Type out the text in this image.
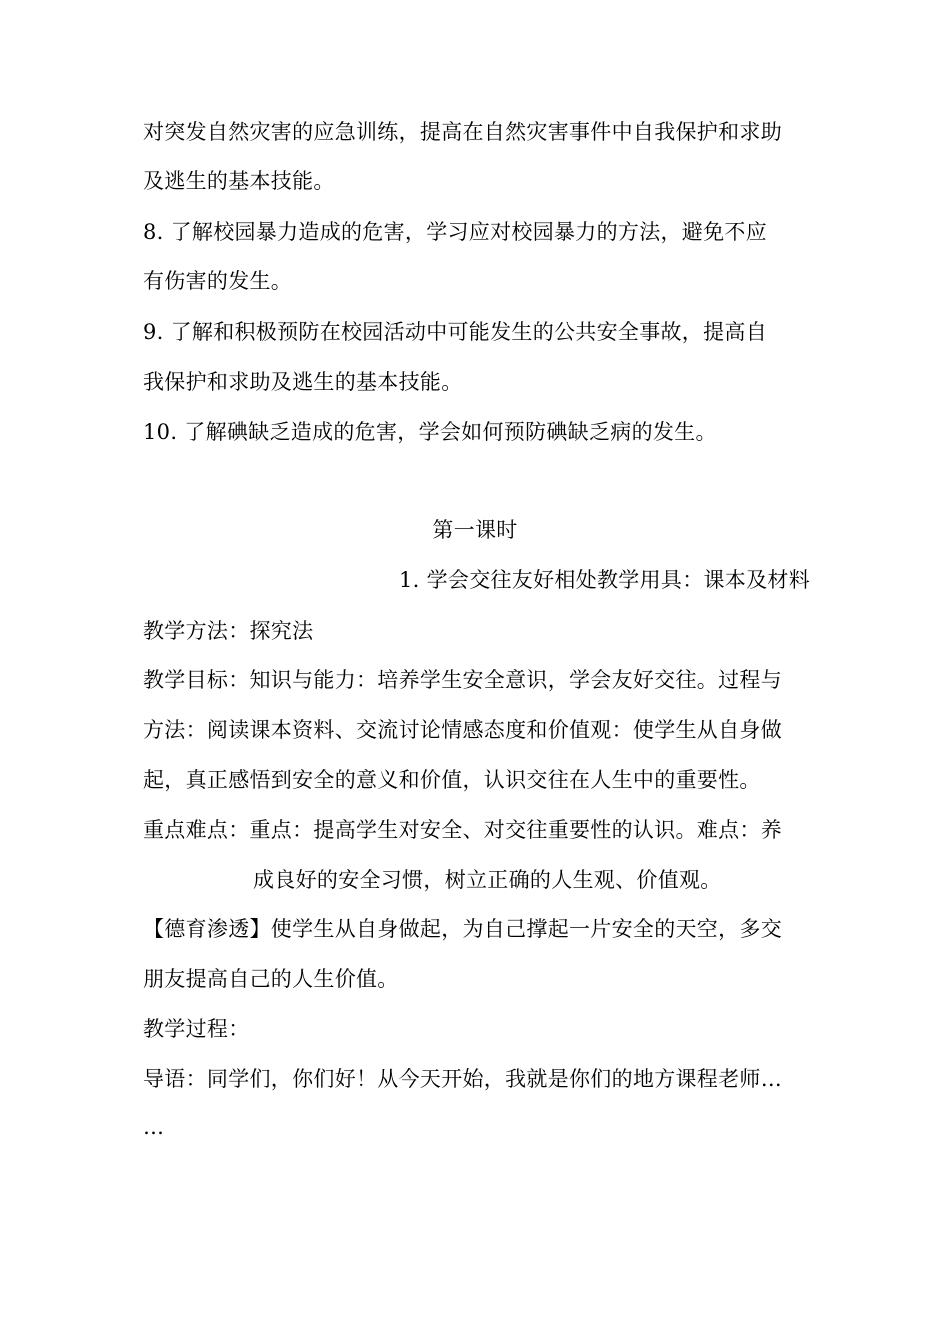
对突发自然灾害的应急训练，提高在自然灾害事件中自我保护和求助
及逃生的基本技能。
8. 了解校园暴力造成的危害，学习应对校园暴力的方法，避免不应
有伤害的发生。
9. 了解和积极预防在校园活动中可能发生的公共安全事故，提高自
我保护和求助及逃生的基本技能。
10. 了解碘缺乏造成的危害，学会如何预防碘缺乏病的发生。
第一课时
1. 学会交往友好相处教学用具：课本及材料
教学方法：探究法
教学目标：知识与能力：培养学生安全意识，学会友好交往。过程与
方法：阅读课本资料、交流讨论情感态度和价值观：使学生从自身做
起，真正感悟到安全的意义和价值，认识交往在人生中的重要性。
重点难点：重点：提高学生对安全、对交往重要性的认识。难点：养
成良好的安全习惯，树立正确的人生观、价值观。
【德育渗透】使学生从自身做起，为自己撑起一片安全的天空，多交
朋友提高自己的人生价值。
教学过程：
导语：同学们，你们好！从今天开始，我就是你们的地方课程老师…
…
